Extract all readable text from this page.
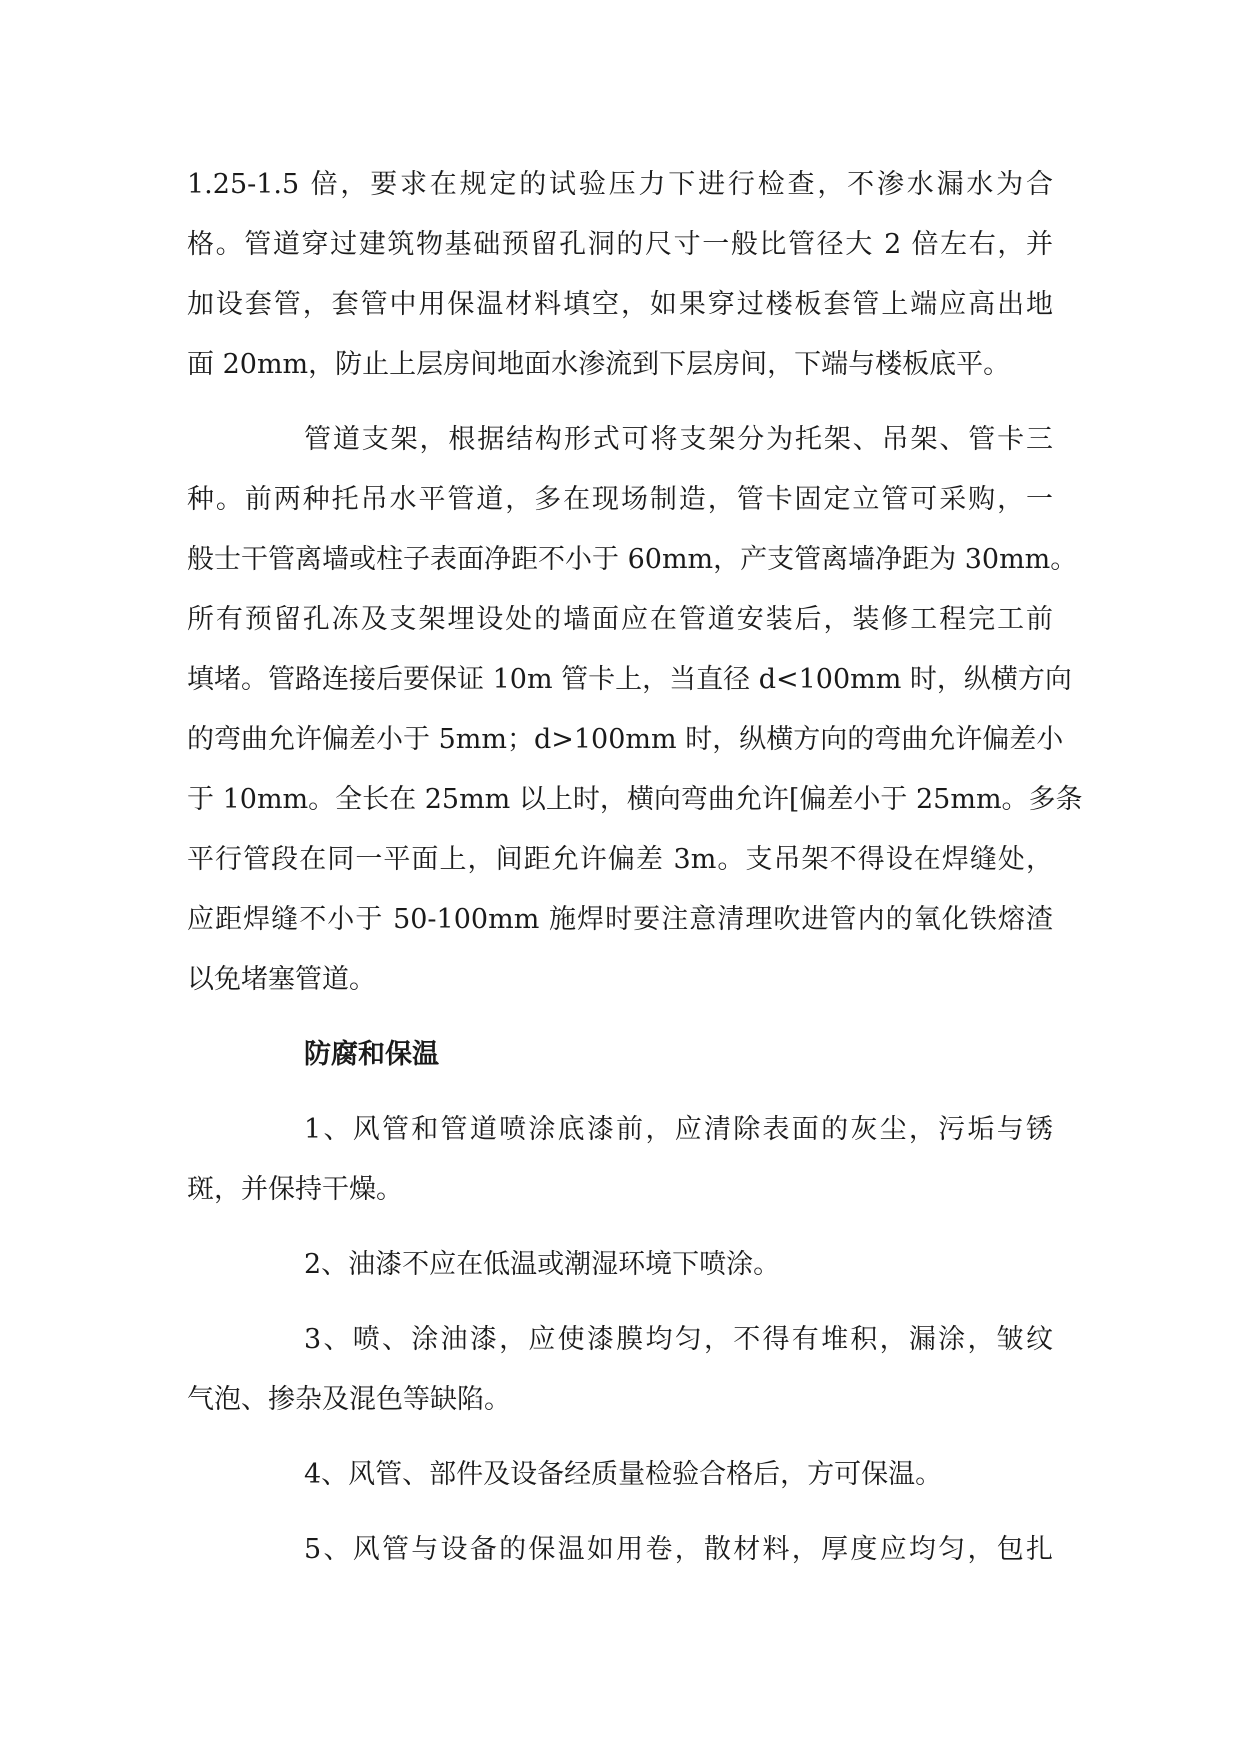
1.25-1.5 倍，要求在规定的试验压力下进行检查，不渗水漏水为合
格。管道穿过建筑物基础预留孔洞的尺寸一般比管径大 2 倍左右，并
加设套管，套管中用保温材料填空，如果穿过楼板套管上端应高出地
面 20mm，防止上层房间地面水渗流到下层房间，下端与楼板底平。
管道支架，根据结构形式可将支架分为托架、吊架、管卡三
种。前两种托吊水平管道，多在现场制造，管卡固定立管可采购，一
般士干管离墙或柱子表面净距不小于 60mm，产支管离墙净距为 30mm。
所有预留孔冻及支架埋设处的墙面应在管道安装后，装修工程完工前
填堵。管路连接后要保证 10m 管卡上，当直径 d<100mm 时，纵横方向
的弯曲允许偏差小于 5mm；d>100mm 时，纵横方向的弯曲允许偏差小
于 10mm。全长在 25mm 以上时，横向弯曲允许[偏差小于 25mm。多条
平行管段在同一平面上，间距允许偏差 3m。支吊架不得设在焊缝处，
应距焊缝不小于 50-100mm 施焊时要注意清理吹进管内的氧化铁熔渣
以免堵塞管道。
防腐和保温
1、风管和管道喷涂底漆前，应清除表面的灰尘，污垢与锈
斑，并保持干燥。
2、油漆不应在低温或潮湿环境下喷涂。
3、喷、涂油漆，应使漆膜均匀，不得有堆积，漏涂，皱纹
气泡、掺杂及混色等缺陷。
4、风管、部件及设备经质量检验合格后，方可保温。
5、风管与设备的保温如用卷，散材料，厚度应均匀，包扎
